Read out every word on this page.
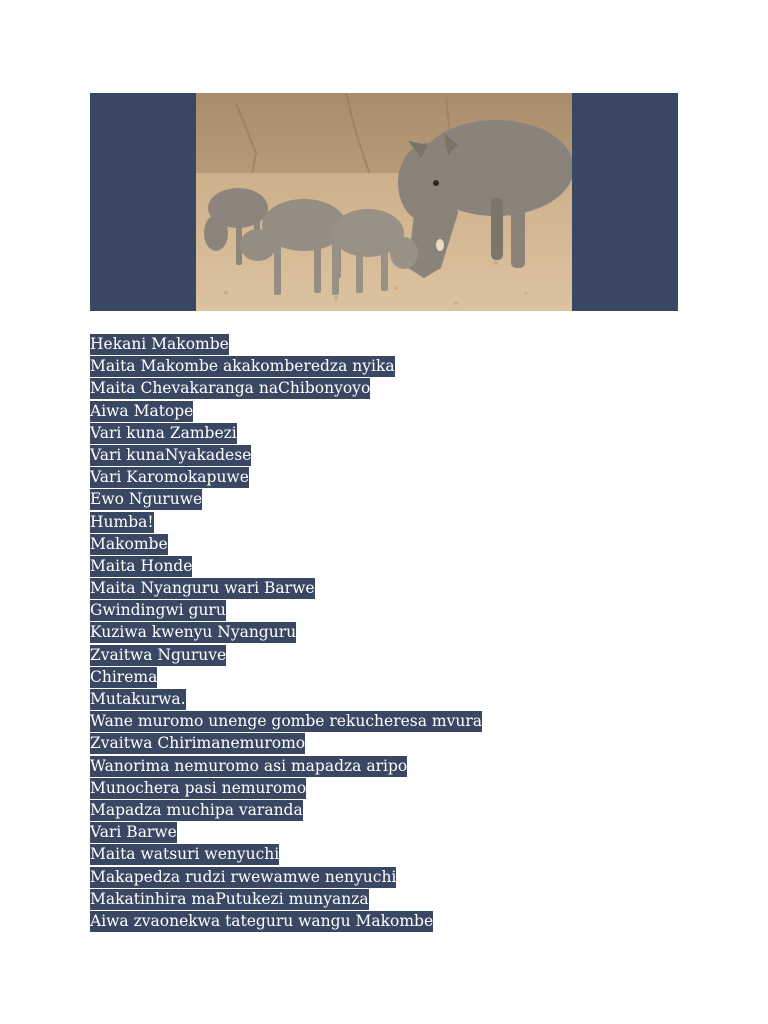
Hekani Makombe
Maita Makombe akakomberedza nyika
Maita Chevakaranga naChibonyoyo
Aiwa Matope
Vari kuna Zambezi
Vari kunaNyakadese
Vari Karomokapuwe
Ewo Nguruwe
Humba!
Makombe
Maita Honde
Maita Nyanguru wari Barwe
Gwindingwi guru
Kuziwa kwenyu Nyanguru
Zvaitwa Nguruve
Chirema
Mutakurwa.
Wane muromo unenge gombe rekucheresa mvura
Zvaitwa Chirimanemuromo
Wanorima nemuromo asi mapadza aripo
Munochera pasi nemuromo
Mapadza muchipa varanda
Vari Barwe
Maita watsuri wenyuchi
Makapedza rudzi rwewamwe nenyuchi
Makatinhira maPutukezi munyanza
Aiwa zvaonekwa tateguru wangu Makombe
